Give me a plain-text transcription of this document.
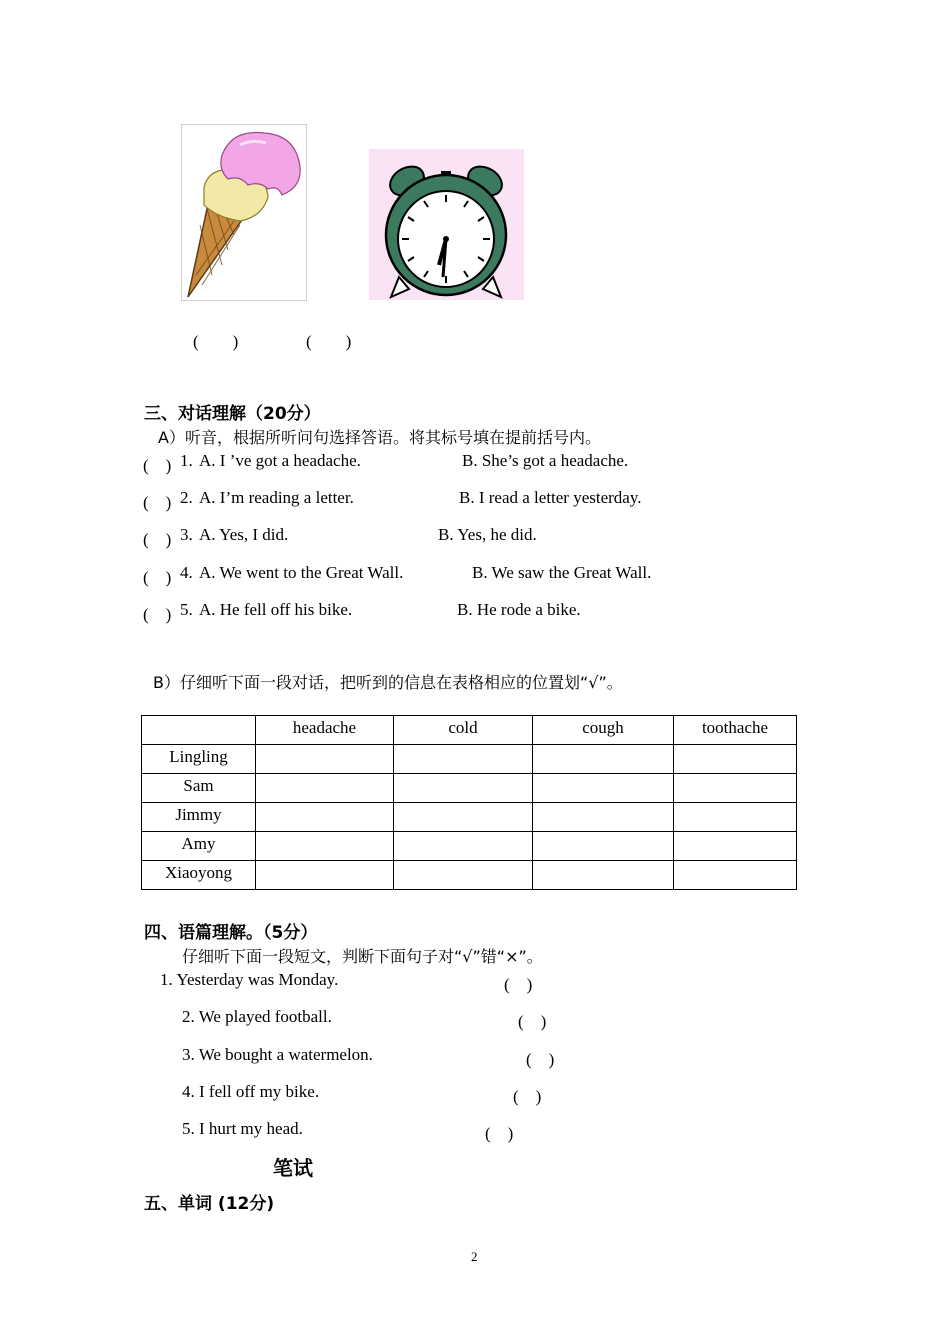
(　　)	(　　)
三、对话理解（20分）
A）听音，根据所听问句选择答语。将其标号填在提前括号内。
(　) 1. A. I ’ve got a headache.	B. She’s got a headache.
(　) 2. A. I’m reading a letter.	B. I read a letter yesterday.
(　) 3. A. Yes, I did.	B. Yes, he did.
(　) 4. A. We went to the Great Wall.	B. We saw the Great Wall.
(　) 5. A. He fell off his bike.	B. He rode a bike.
B）仔细听下面一段对话，把听到的信息在表格相应的位置划“√”。
	headache	cold	cough	toothache
Lingling				
Sam				
Jimmy				
Amy				
Xiaoyong				
四、语篇理解。（5分）
仔细听下面一段短文，判断下面句子对“√”错“×”。
1. Yesterday was Monday.	(　)
2. We played football.	(　)
3. We bought a watermelon.	(　)
4. I fell off my bike.	(　)
5. I hurt my head.	(　)
笔试
五、单词 (12分)
2
